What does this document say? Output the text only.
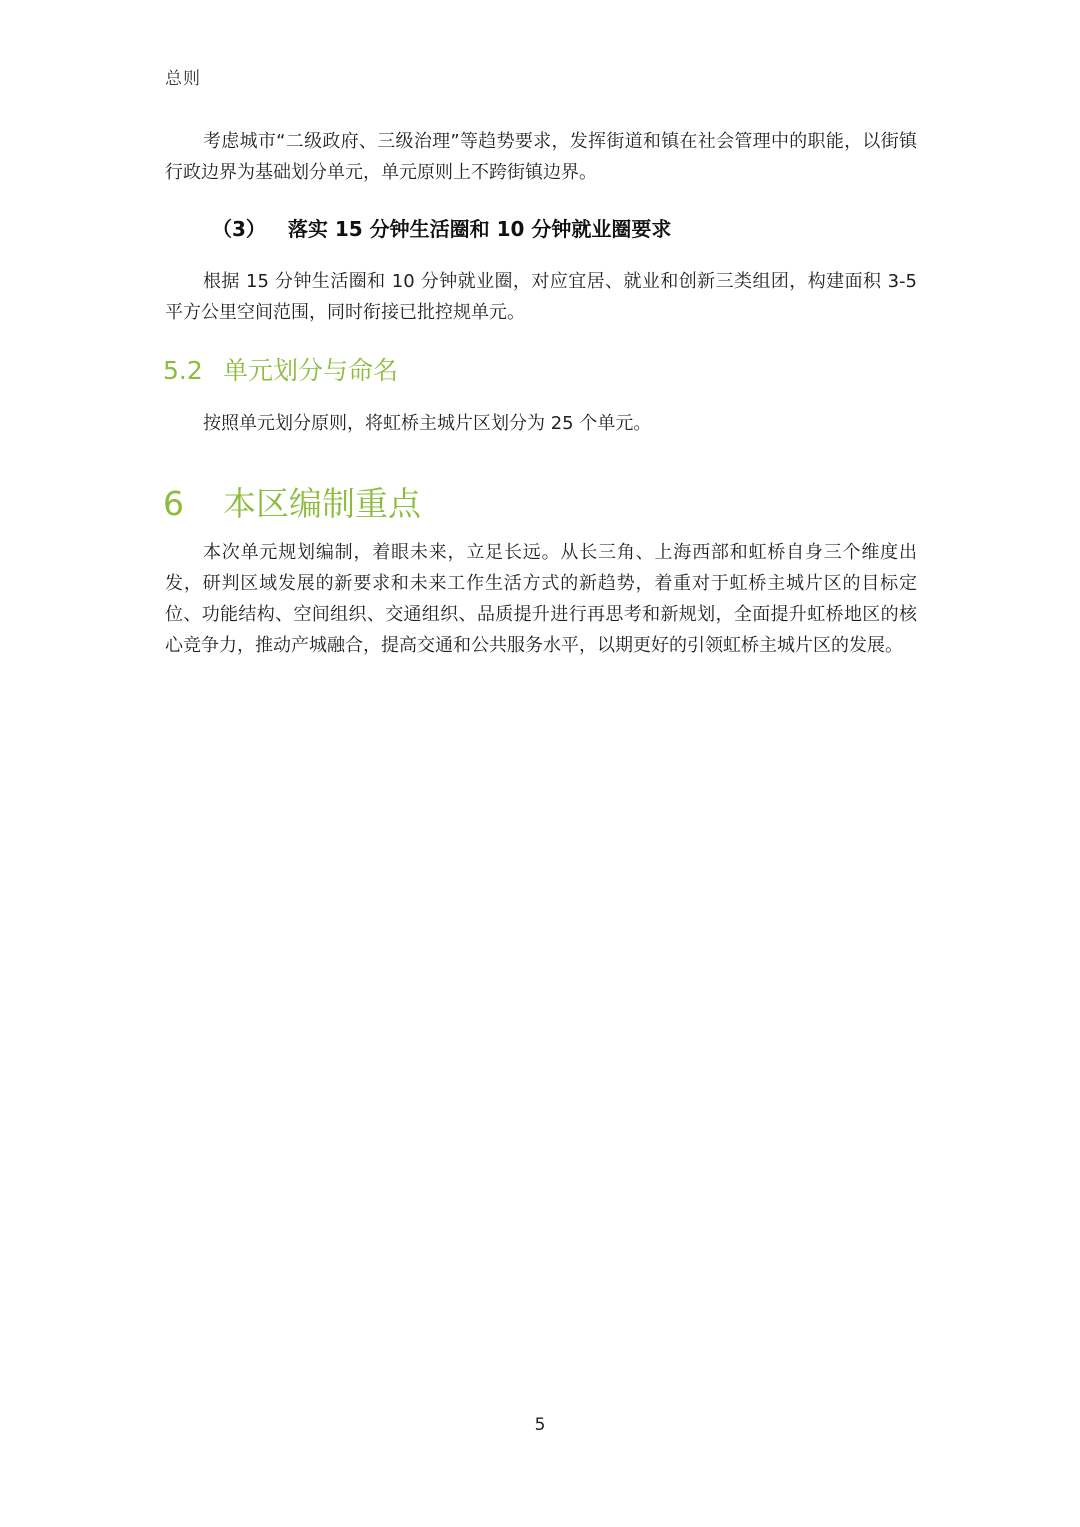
总则

考虑城市“二级政府、三级治理”等趋势要求，发挥街道和镇在社会管理中的职能，以街镇行政边界为基础划分单元，单元原则上不跨街镇边界。

（3） 落实 15 分钟生活圈和 10 分钟就业圈要求

根据 15 分钟生活圈和 10 分钟就业圈，对应宜居、就业和创新三类组团，构建面积 3-5 平方公里空间范围，同时衔接已批控规单元。

5.2 单元划分与命名

按照单元划分原则，将虹桥主城片区划分为 25 个单元。

6 本区编制重点

本次单元规划编制，着眼未来，立足长远。从长三角、上海西部和虹桥自身三个维度出发，研判区域发展的新要求和未来工作生活方式的新趋势，着重对于虹桥主城片区的目标定位、功能结构、空间组织、交通组织、品质提升进行再思考和新规划，全面提升虹桥地区的核心竞争力，推动产城融合，提高交通和公共服务水平，以期更好的引领虹桥主城片区的发展。

5
